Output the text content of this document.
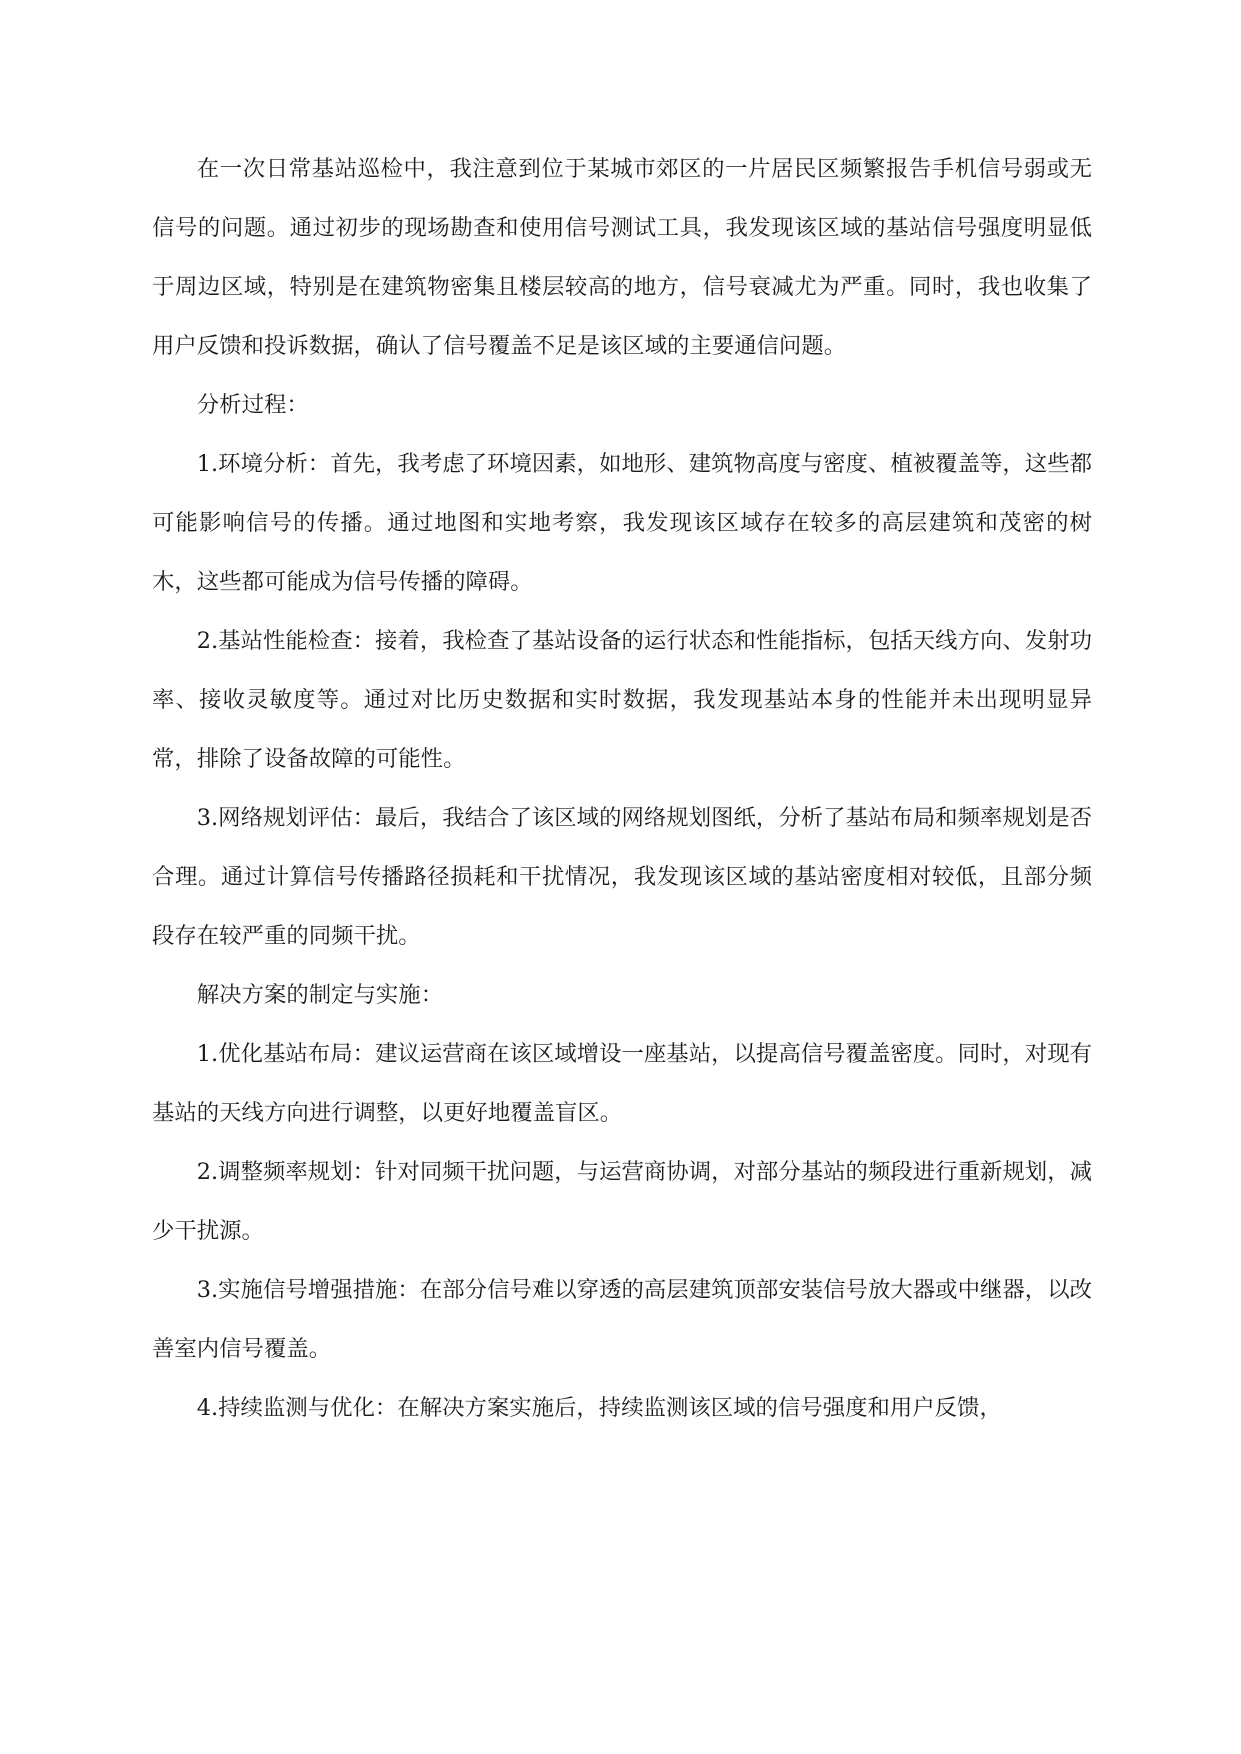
在一次日常基站巡检中，我注意到位于某城市郊区的一片居民区频繁报告手机信号弱或无信号的问题。通过初步的现场勘查和使用信号测试工具，我发现该区域的基站信号强度明显低于周边区域，特别是在建筑物密集且楼层较高的地方，信号衰减尤为严重。同时，我也收集了用户反馈和投诉数据，确认了信号覆盖不足是该区域的主要通信问题。

分析过程：

1.环境分析：首先，我考虑了环境因素，如地形、建筑物高度与密度、植被覆盖等，这些都可能影响信号的传播。通过地图和实地考察，我发现该区域存在较多的高层建筑和茂密的树木，这些都可能成为信号传播的障碍。

2.基站性能检查：接着，我检查了基站设备的运行状态和性能指标，包括天线方向、发射功率、接收灵敏度等。通过对比历史数据和实时数据，我发现基站本身的性能并未出现明显异常，排除了设备故障的可能性。

3.网络规划评估：最后，我结合了该区域的网络规划图纸，分析了基站布局和频率规划是否合理。通过计算信号传播路径损耗和干扰情况，我发现该区域的基站密度相对较低，且部分频段存在较严重的同频干扰。

解决方案的制定与实施：

1.优化基站布局：建议运营商在该区域增设一座基站，以提高信号覆盖密度。同时，对现有基站的天线方向进行调整，以更好地覆盖盲区。

2.调整频率规划：针对同频干扰问题，与运营商协调，对部分基站的频段进行重新规划，减少干扰源。

3.实施信号增强措施：在部分信号难以穿透的高层建筑顶部安装信号放大器或中继器，以改善室内信号覆盖。

4.持续监测与优化：在解决方案实施后，持续监测该区域的信号强度和用户反馈，
